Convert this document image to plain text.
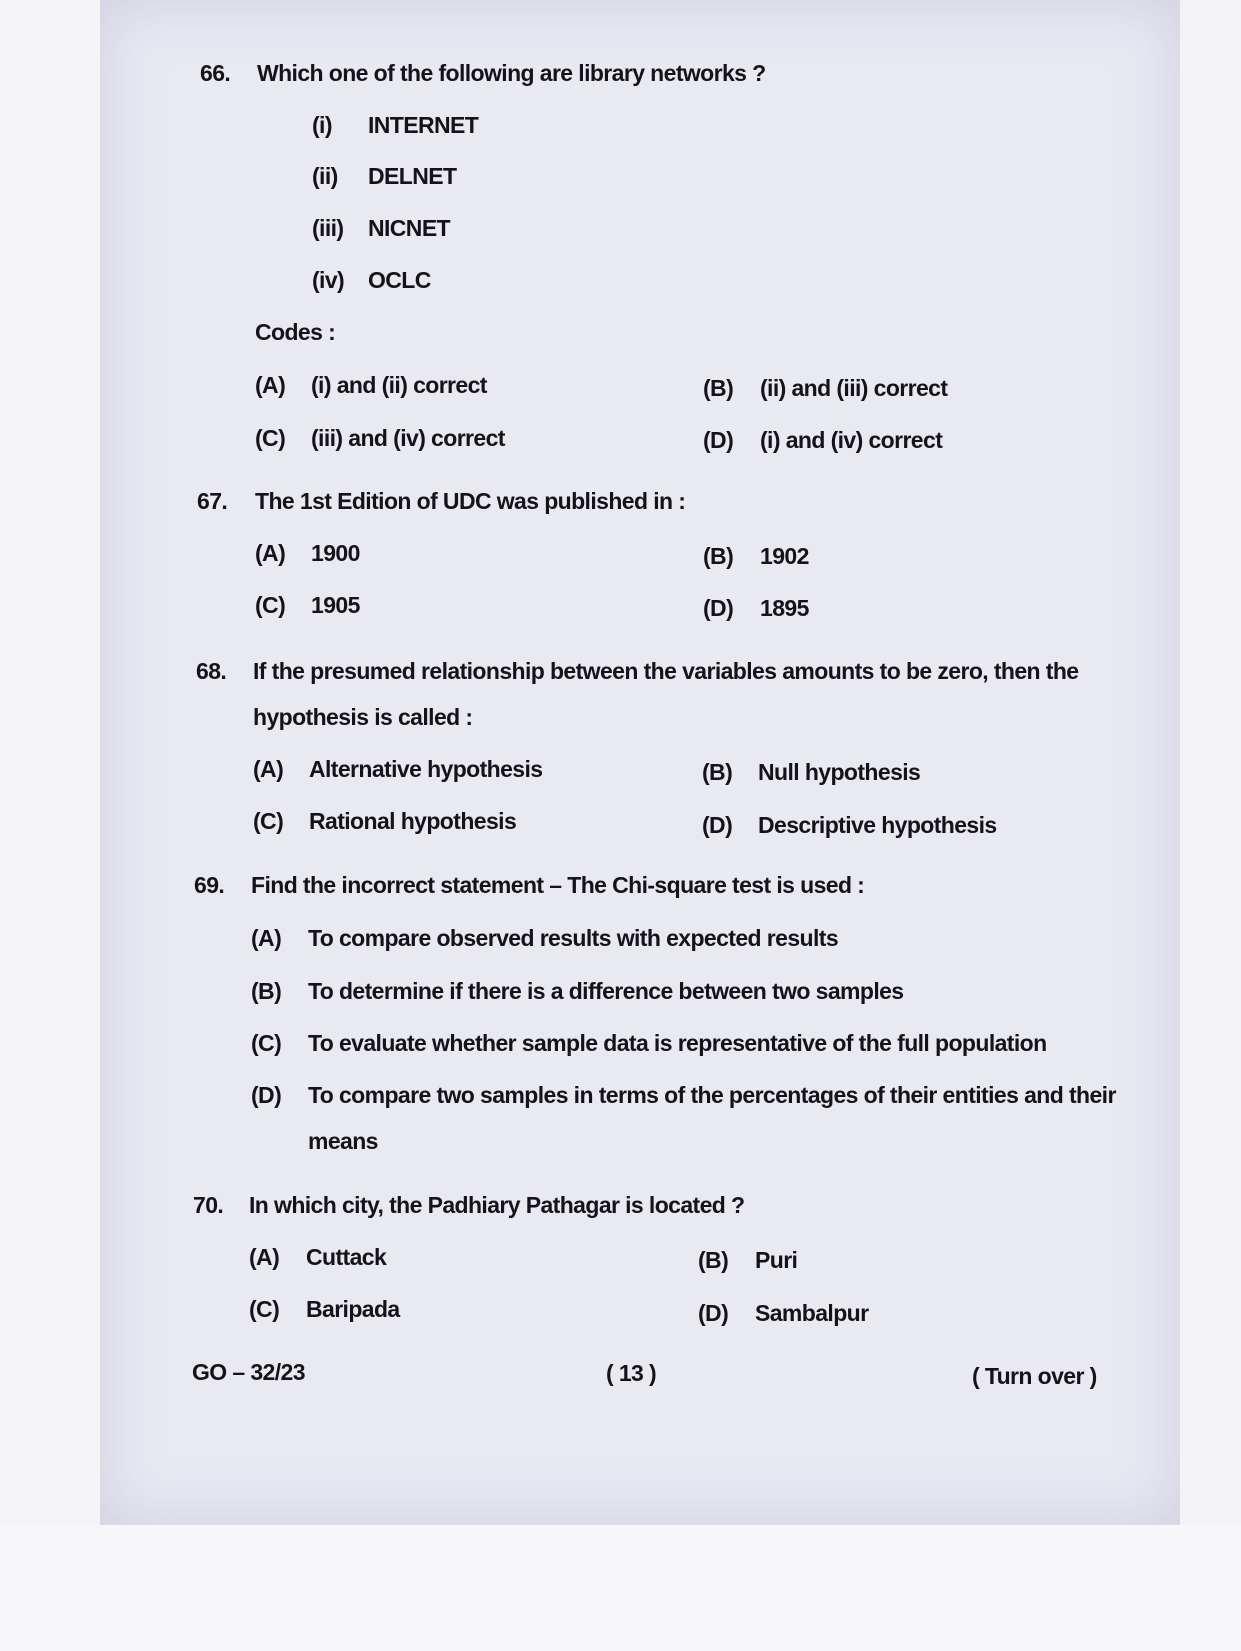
66. Which one of the following are library networks ?
(i) INTERNET
(ii) DELNET
(iii) NICNET
(iv) OCLC
Codes :
(A) (i) and (ii) correct	(B) (ii) and (iii) correct
(C) (iii) and (iv) correct	(D) (i) and (iv) correct
67. The 1st Edition of UDC was published in :
(A) 1900	(B) 1902
(C) 1905	(D) 1895
68. If the presumed relationship between the variables amounts to be zero, then the
hypothesis is called :
(A) Alternative hypothesis	(B) Null hypothesis
(C) Rational hypothesis	(D) Descriptive hypothesis
69. Find the incorrect statement – The Chi-square test is used :
(A) To compare observed results with expected results
(B) To determine if there is a difference between two samples
(C) To evaluate whether sample data is representative of the full population
(D) To compare two samples in terms of the percentages of their entities and their
means
70. In which city, the Padhiary Pathagar is located ?
(A) Cuttack	(B) Puri
(C) Baripada	(D) Sambalpur
GO – 32/23	( 13 )	( Turn over )
